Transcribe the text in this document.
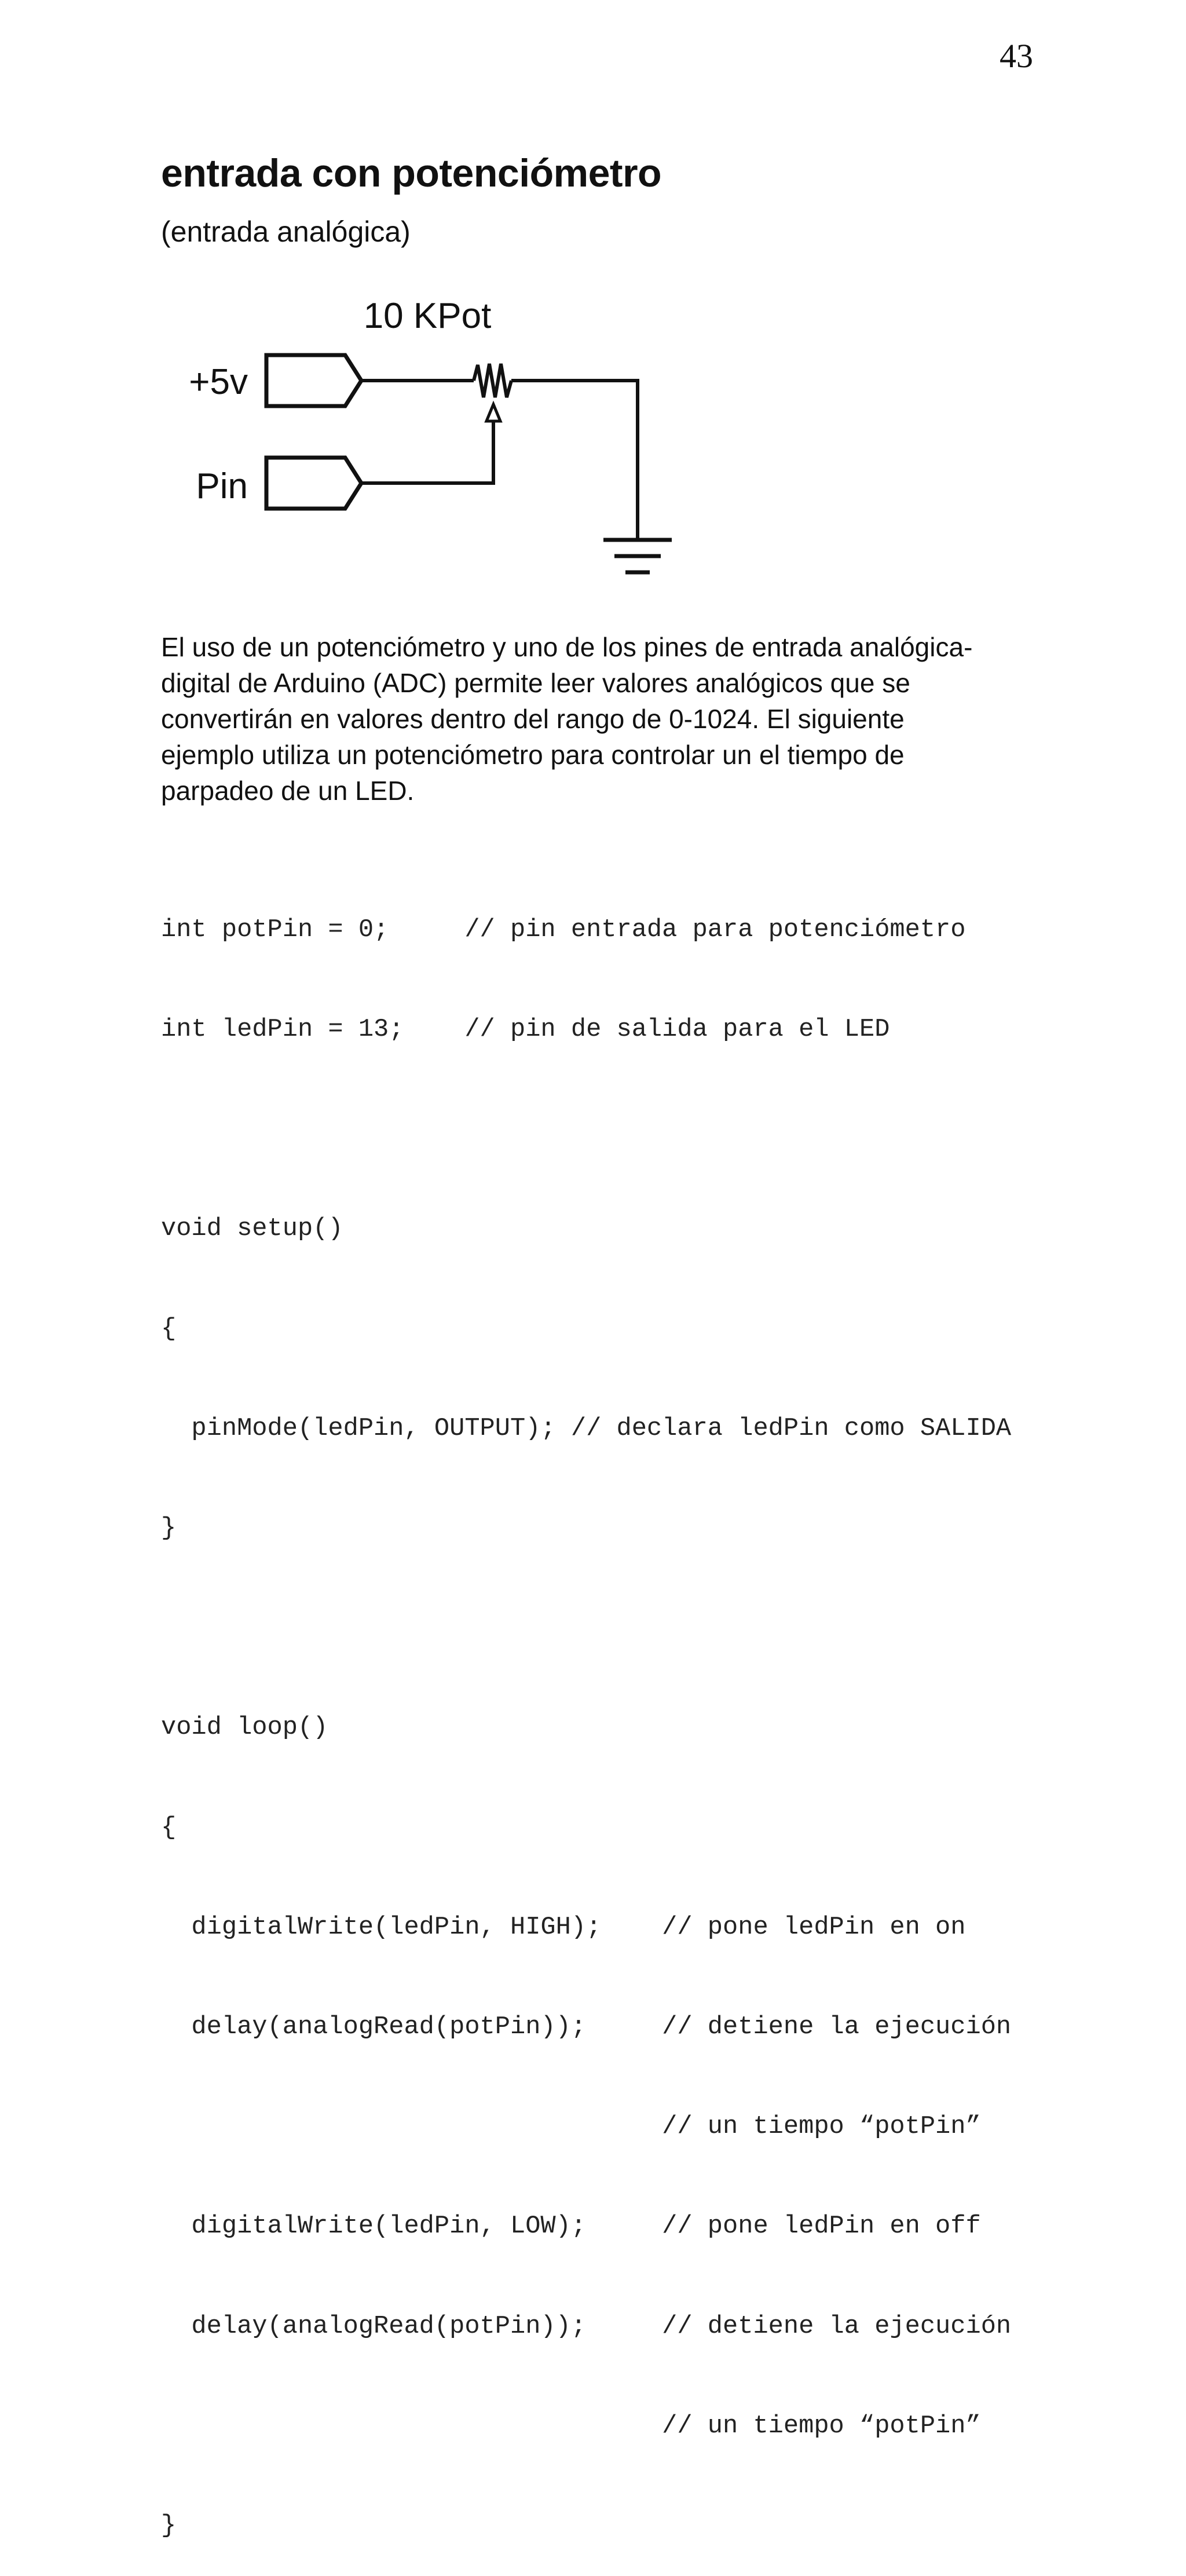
43
entrada con potenciómetro
(entrada analógica)
10 KPot
+5v
Pin
El uso de un potenciómetro y uno de los pines de entrada analógica-
digital de Arduino (ADC) permite leer valores analógicos que se
convertirán en valores dentro del rango de 0-1024. El siguiente
ejemplo utiliza un potenciómetro para controlar un el tiempo de
parpadeo de un LED.

int potPin = 0;     // pin entrada para potenciómetro

int ledPin = 13;    // pin de salida para el LED

void setup()

{

pinMode(ledPin, OUTPUT); // declara ledPin como SALIDA

}

void loop()

{

digitalWrite(ledPin, HIGH);    // pone ledPin en on

delay(analogRead(potPin));     // detiene la ejecución

// un tiempo “potPin”

digitalWrite(ledPin, LOW);     // pone ledPin en off

delay(analogRead(potPin));     // detiene la ejecución

// un tiempo “potPin”

}
